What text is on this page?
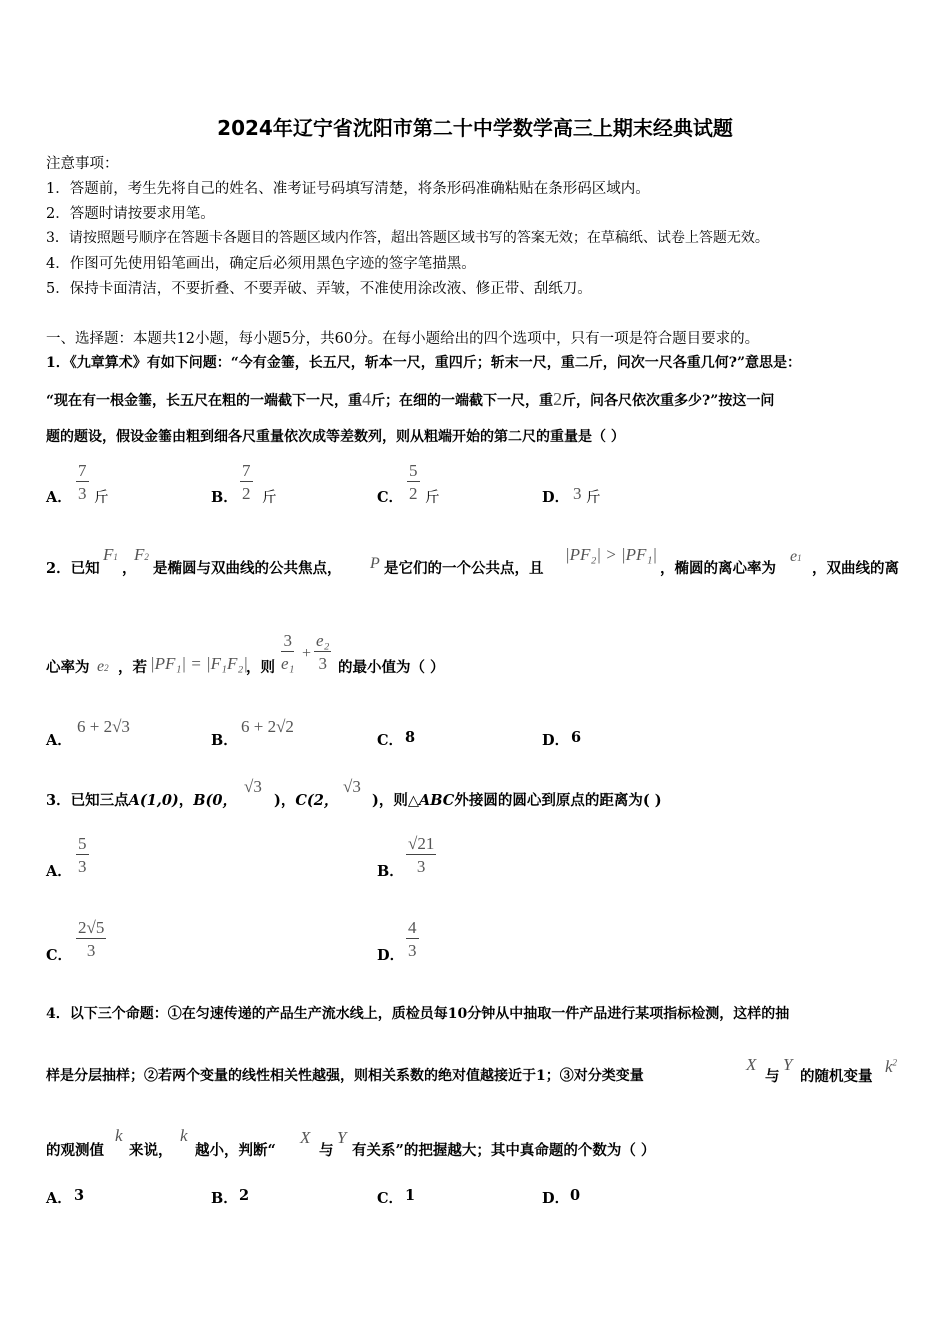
2024年辽宁省沈阳市第二十中学数学高三上期末经典试题
注意事项：
1．答题前，考生先将自己的姓名、准考证号码填写清楚，将条形码准确粘贴在条形码区域内。
2．答题时请按要求用笔。
3．请按照题号顺序在答题卡各题目的答题区域内作答，超出答题区域书写的答案无效；在草稿纸、试卷上答题无效。
4．作图可先使用铅笔画出，确定后必须用黑色字迹的签字笔描黑。
5．保持卡面清洁，不要折叠、不要弄破、弄皱，不准使用涂改液、修正带、刮纸刀。
一、选择题：本题共12小题，每小题5分，共60分。在每小题给出的四个选项中，只有一项是符合题目要求的。
1．《九章算术》有如下问题：“今有金箠，长五尺，斩本一尺，重四斤；斩末一尺，重二斤，问次一尺各重几何?”意思是：
“现在有一根金箠，长五尺在粗的一端截下一尺，重4斤；在细的一端截下一尺，重2斤，问各尺依次重多少?”按这一问
题的题设，假设金箠由粗到细各尺重量依次成等差数列，则从粗端开始的第二尺的重量是（ ）
A． $\frac{7}{3}$ 斤	B． $\frac{7}{2}$ 斤	C． $\frac{5}{2}$ 斤	D． 3 斤
2．已知
F1
，
F2
是椭圆与双曲线的公共焦点， P 是它们的一个公共点，且
|PF₂| > |PF₁|
，椭圆的离心率为
e1
，双曲线的离
心率为 e2 ，若 |PF₁| = |F₁F₂|
，则 $\frac{3}{\text{e₁}} + \frac{\text{e₂}}{3}$ 的最小值为（ ）
A．
6 + 2√3
B．
6 + 2√2
C． 8	D． 6
3．已知三点A(1,0)，B(0，
√3
)，C(2，
√3
)，则△ABC外接圆的圆心到原点的距离为( )
A． $\frac{5}{3}$	B． $\frac{√21}{3}$
C． $\frac{2√5}{3}$	D． $\frac{4}{3}$
4．以下三个命题：①在匀速传递的产品生产流水线上，质检员每10分钟从中抽取一件产品进行某项指标检测，这样的抽
样是分层抽样；②若两个变量的线性相关性越强，则相关系数的绝对值越接近于1；③对分类变量
X
与
Y
的随机变量
$k^2$
的观测值
k
来说，
k
越小，判断“
X
与
Y
有关系”的把握越大；其中真命题的个数为（ ）
A． 3	B． 2	C． 1	D． 0
